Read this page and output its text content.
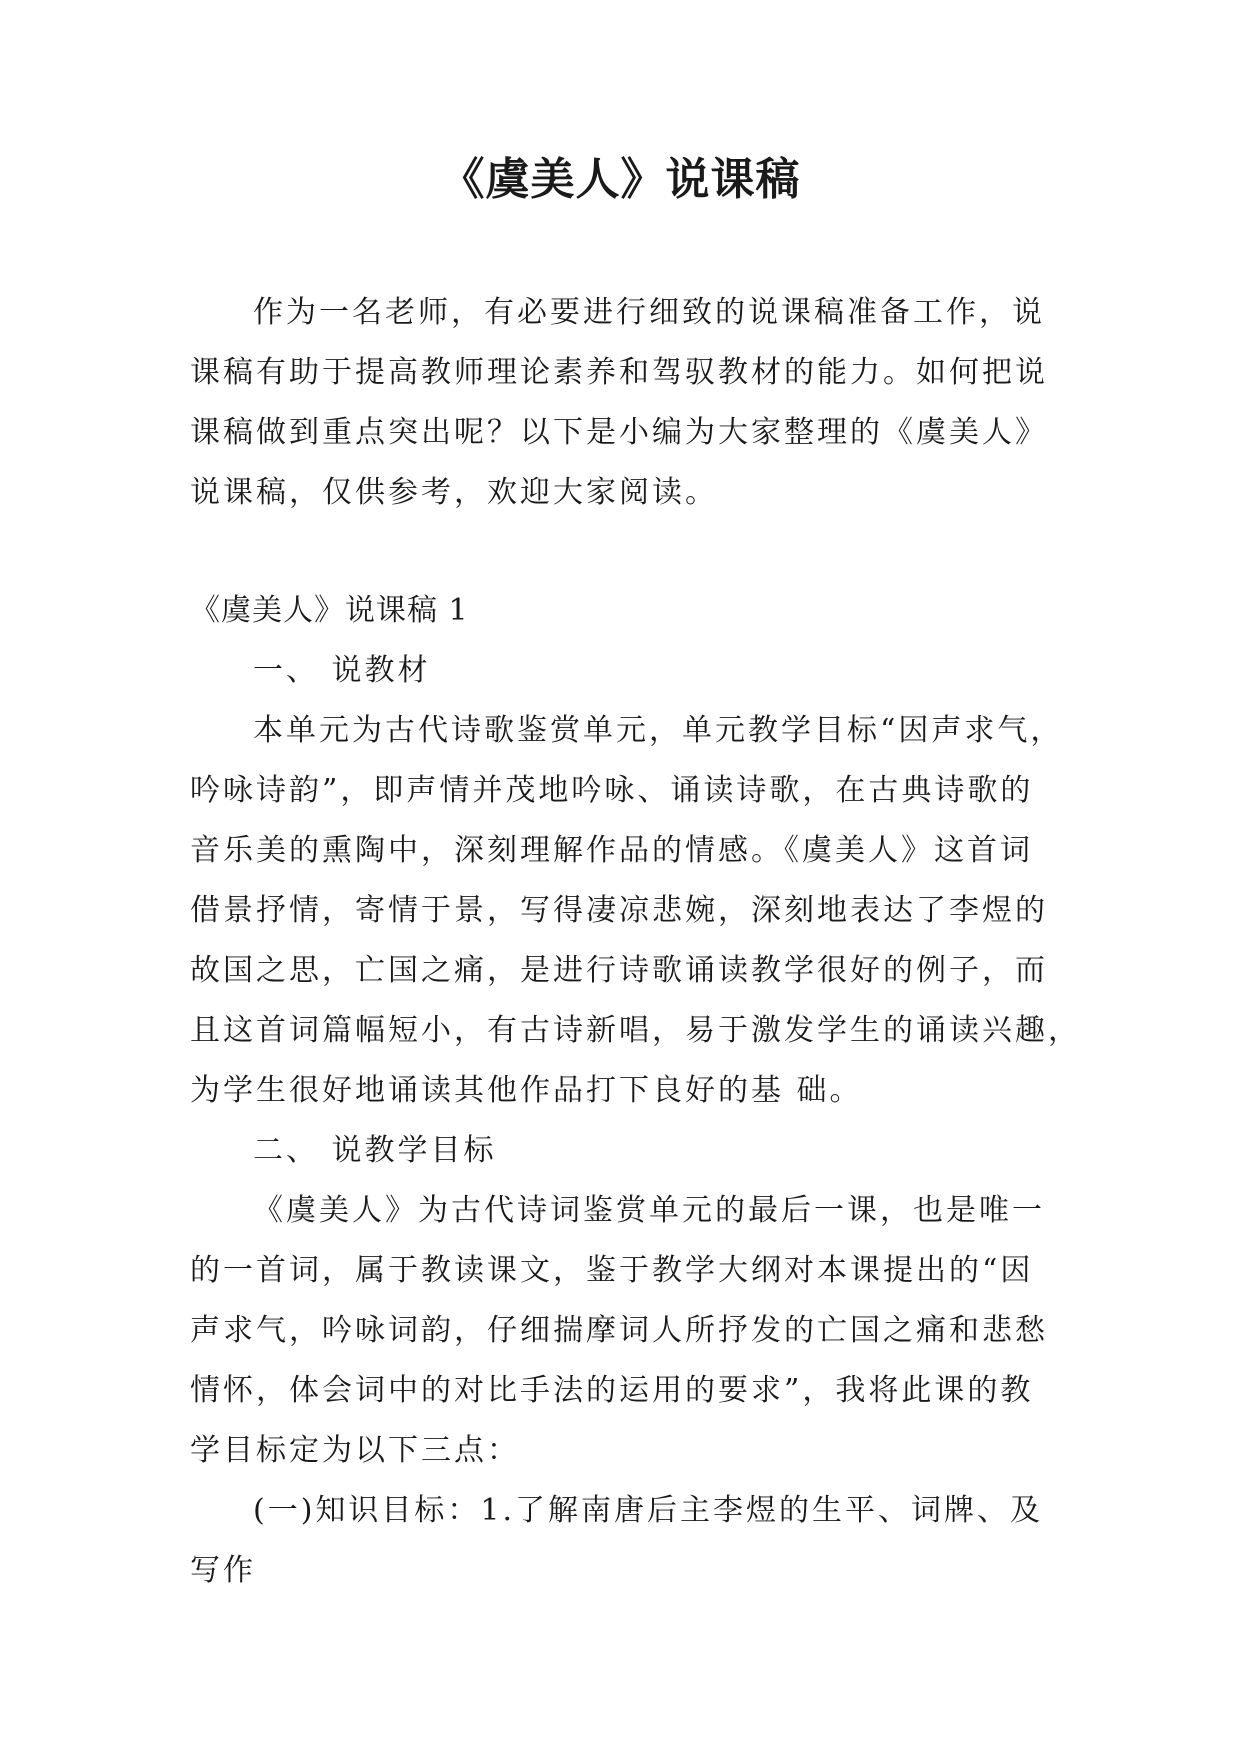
《虞美人》说课稿
作为一名老师，有必要进行细致的说课稿准备工作，说
课稿有助于提高教师理论素养和驾驭教材的能力。如何把说
课稿做到重点突出呢？以下是小编为大家整理的《虞美人》
说课稿，仅供参考，欢迎大家阅读。
《虞美人》说课稿 1
一、 说教材
本单元为古代诗歌鉴赏单元，单元教学目标“因声求气，
吟咏诗韵”，即声情并茂地吟咏、诵读诗歌，在古典诗歌的
音乐美的熏陶中，深刻理解作品的情感。《虞美人》这首词
借景抒情，寄情于景，写得凄凉悲婉，深刻地表达了李煜的
故国之思，亡国之痛，是进行诗歌诵读教学很好的例子，而
且这首词篇幅短小，有古诗新唱，易于激发学生的诵读兴趣，
为学生很好地诵读其他作品打下良好的基 础。
二、 说教学目标
《虞美人》为古代诗词鉴赏单元的最后一课，也是唯一
的一首词，属于教读课文，鉴于教学大纲对本课提出的“因
声求气，吟咏词韵，仔细揣摩词人所抒发的亡国之痛和悲愁
情怀，体会词中的对比手法的运用的要求”，我将此课的教
学目标定为以下三点：
(一)知识目标：1.了解南唐后主李煜的生平、词牌、及
写作
